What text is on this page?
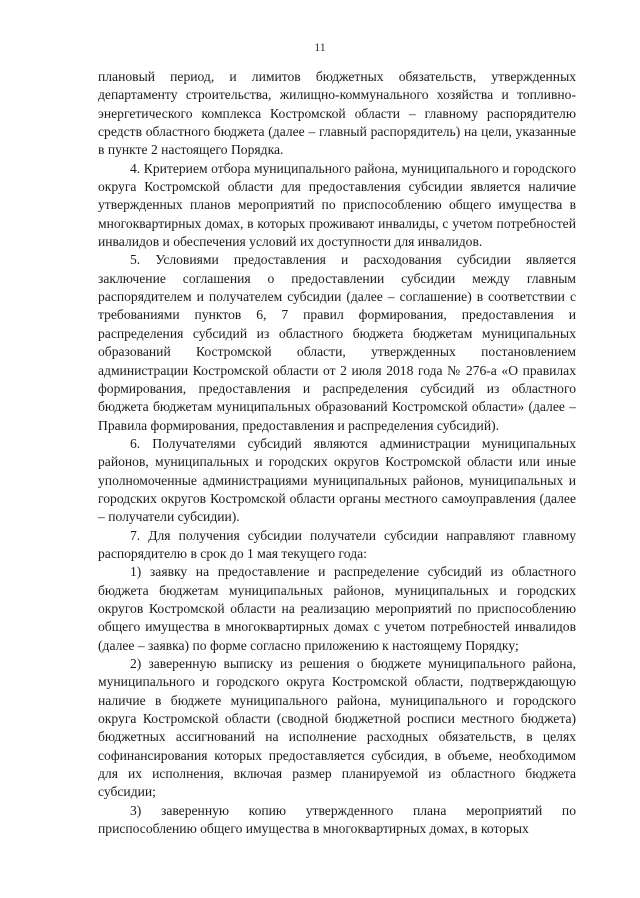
11

плановый период, и лимитов бюджетных обязательств, утвержденных департаменту строительства, жилищно-коммунального хозяйства и топливно-энергетического комплекса Костромской области – главному распорядителю средств областного бюджета (далее – главный распорядитель) на цели, указанные в пункте 2 настоящего Порядка.

4. Критерием отбора муниципального района, муниципального и городского округа Костромской области для предоставления субсидии является наличие утвержденных планов мероприятий по приспособлению общего имущества в многоквартирных домах, в которых проживают инвалиды, с учетом потребностей инвалидов и обеспечения условий их доступности для инвалидов.

5. Условиями предоставления и расходования субсидии является заключение соглашения о предоставлении субсидии между главным распорядителем и получателем субсидии (далее – соглашение) в соответствии с требованиями пунктов 6, 7 правил формирования, предоставления и распределения субсидий из областного бюджета бюджетам муниципальных образований Костромской области, утвержденных постановлением администрации Костромской области от 2 июля 2018 года № 276-а «О правилах формирования, предоставления и распределения субсидий из областного бюджета бюджетам муниципальных образований Костромской области» (далее – Правила формирования, предоставления и распределения субсидий).

6. Получателями субсидий являются администрации муниципальных районов, муниципальных и городских округов Костромской области или иные уполномоченные администрациями муниципальных районов, муниципальных и городских округов Костромской области органы местного самоуправления (далее – получатели субсидии).

7. Для получения субсидии получатели субсидии направляют главному распорядителю в срок до 1 мая текущего года:

1) заявку на предоставление и распределение субсидий из областного бюджета бюджетам муниципальных районов, муниципальных и городских округов Костромской области на реализацию мероприятий по приспособлению общего имущества в многоквартирных домах с учетом потребностей инвалидов (далее – заявка) по форме согласно приложению к настоящему Порядку;

2) заверенную выписку из решения о бюджете муниципального района, муниципального и городского округа Костромской области, подтверждающую наличие в бюджете муниципального района, муниципального и городского округа Костромской области (сводной бюджетной росписи местного бюджета) бюджетных ассигнований на исполнение расходных обязательств, в целях софинансирования которых предоставляется субсидия, в объеме, необходимом для их исполнения, включая размер планируемой из областного бюджета субсидии;

3) заверенную копию утвержденного плана мероприятий по приспособлению общего имущества в многоквартирных домах, в которых
